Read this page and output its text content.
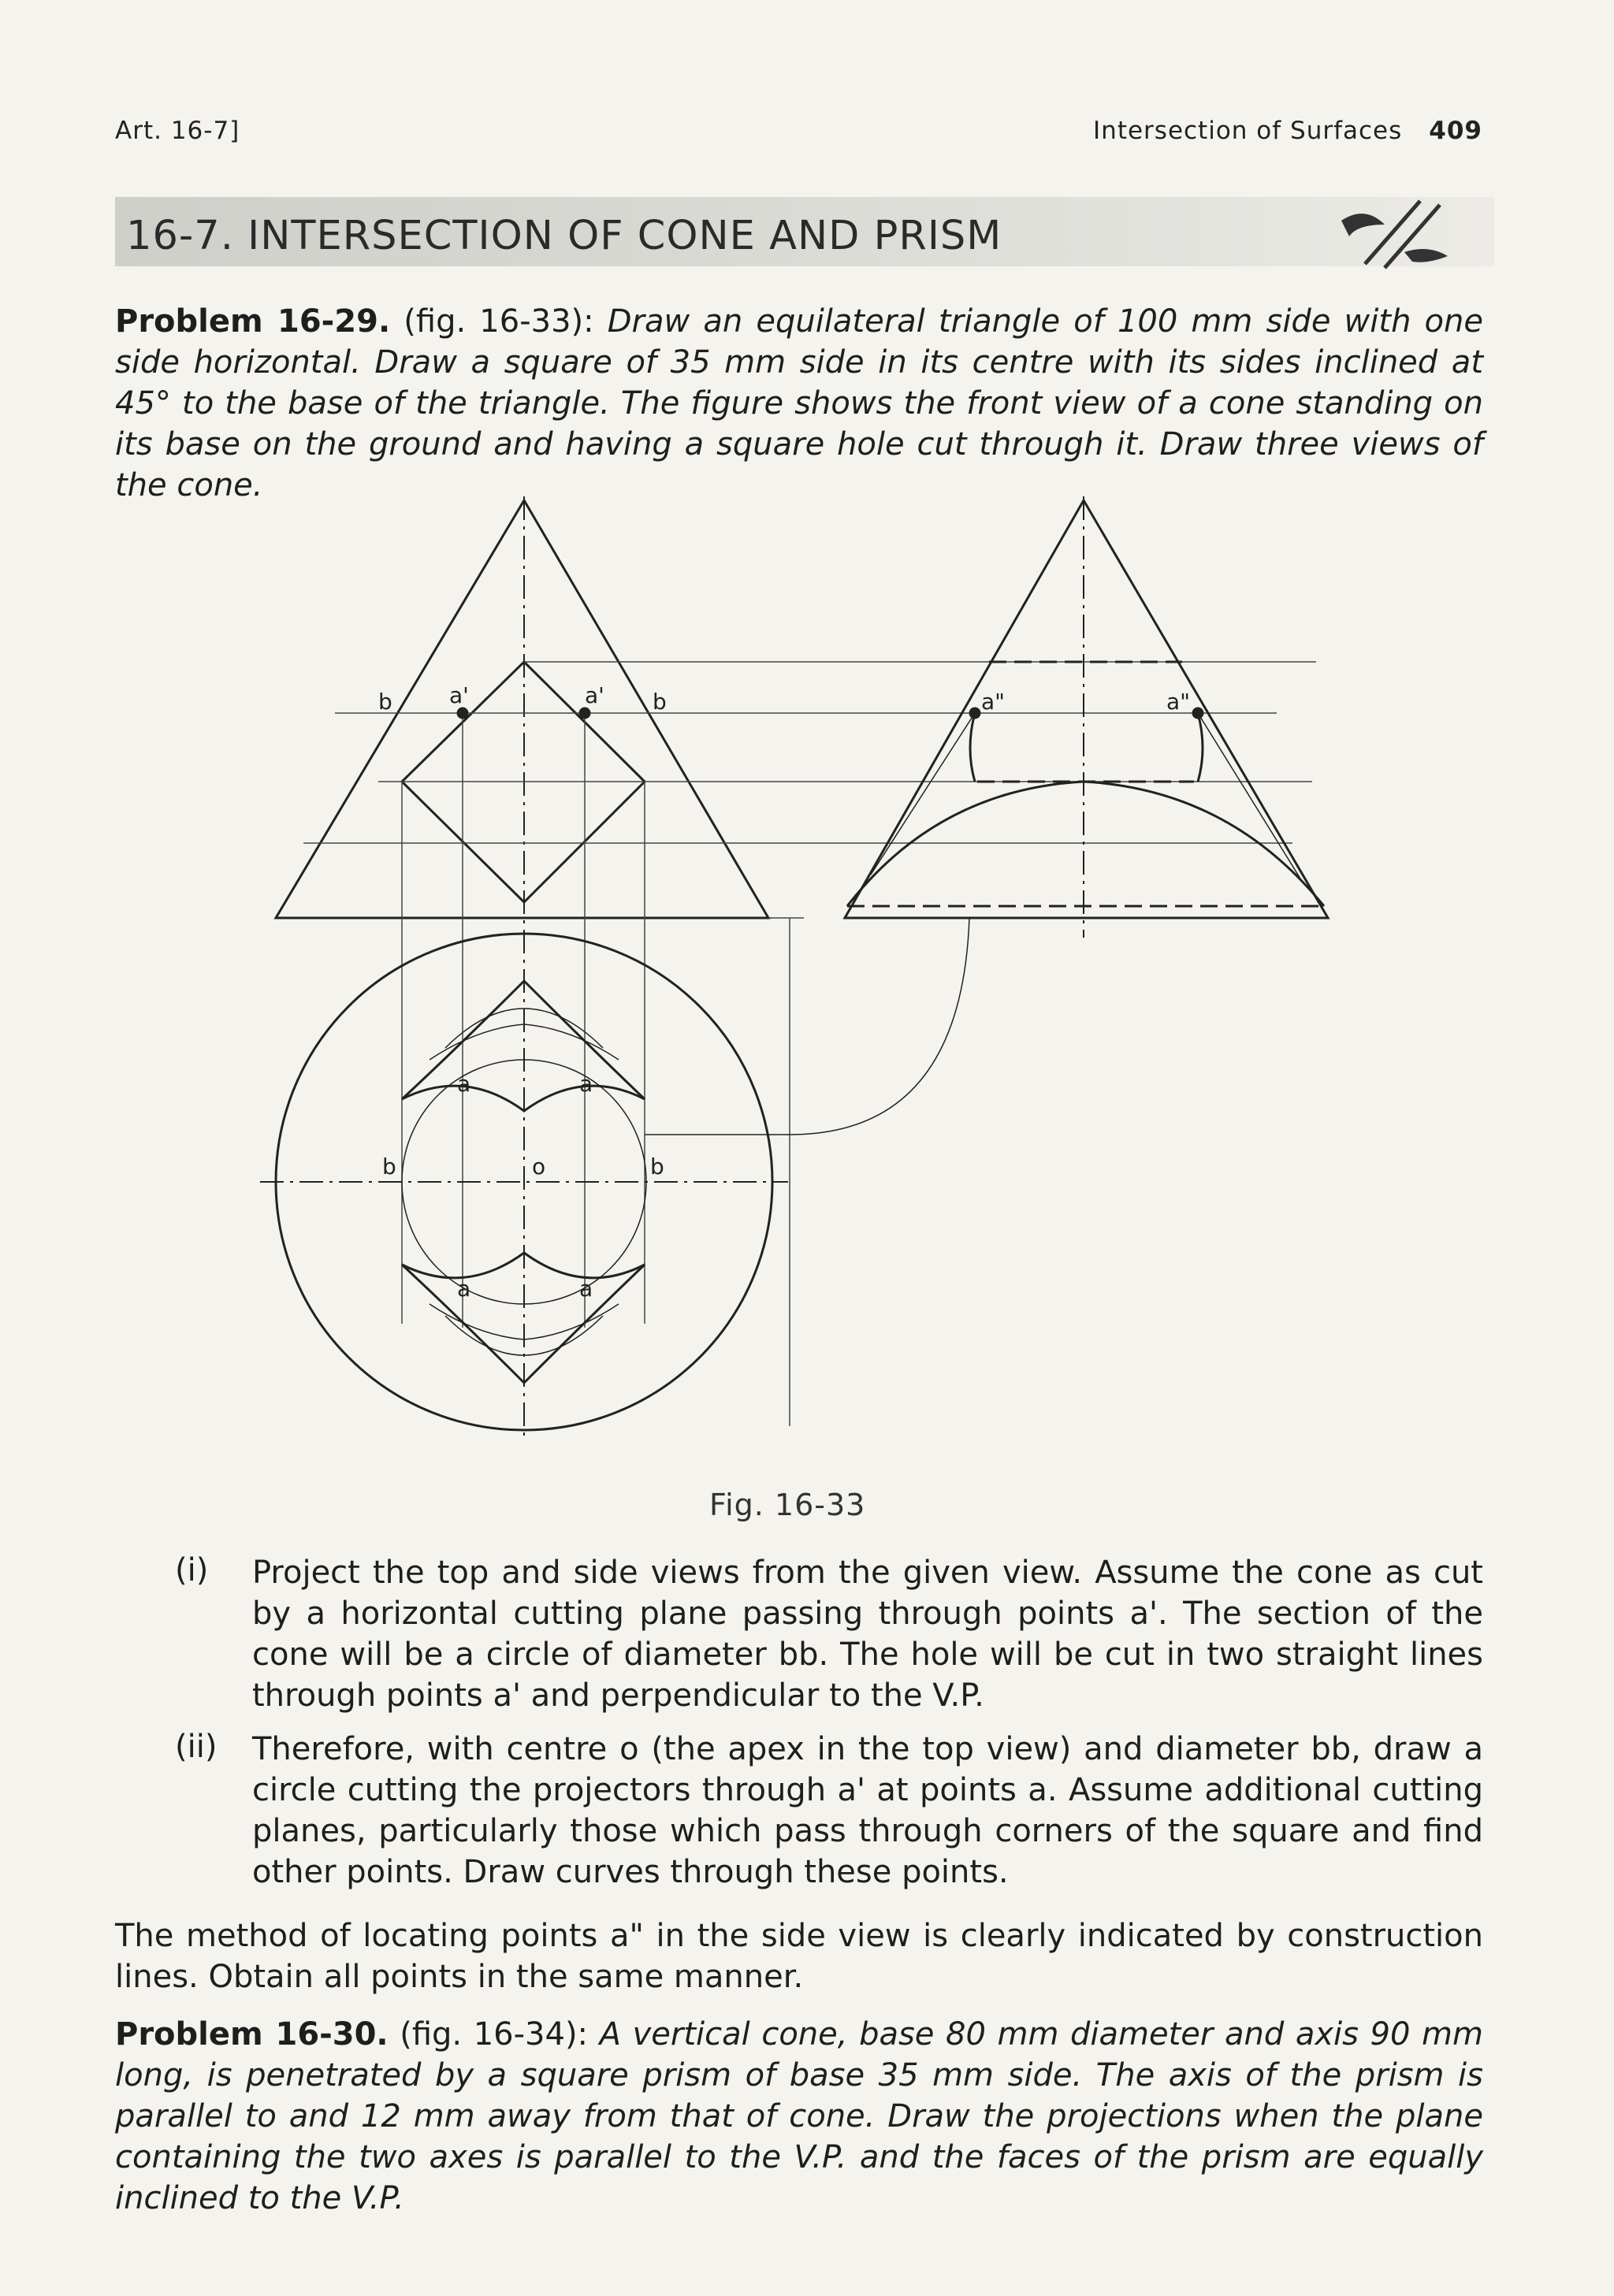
Art. 16-7]	Intersection of Surfaces 409
16-7. INTERSECTION OF CONE AND PRISM
Problem 16-29. (fig. 16-33): Draw an equilateral triangle of 100 mm side with one side horizontal. Draw a square of 35 mm side in its centre with its sides inclined at 45° to the base of the triangle. The figure shows the front view of a cone standing on its base on the ground and having a square hole cut through it. Draw three views of the cone.
b	a'	a' b	a"	a"
a	a
a	a
b	b
o
Fig. 16-33
(i) Project the top and side views from the given view. Assume the cone as cut by a horizontal cutting plane passing through points a'. The section of the cone will be a circle of diameter bb. The hole will be cut in two straight lines through points a' and perpendicular to the V.P.
(ii) Therefore, with centre o (the apex in the top view) and diameter bb, draw a circle cutting the projectors through a' at points a. Assume additional cutting planes, particularly those which pass through corners of the square and find other points. Draw curves through these points.
The method of locating points a" in the side view is clearly indicated by construction lines. Obtain all points in the same manner.
Problem 16-30. (fig. 16-34): A vertical cone, base 80 mm diameter and axis 90 mm long, is penetrated by a square prism of base 35 mm side. The axis of the prism is parallel to and 12 mm away from that of cone. Draw the projections when the plane containing the two axes is parallel to the V.P. and the faces of the prism are equally inclined to the V.P.
